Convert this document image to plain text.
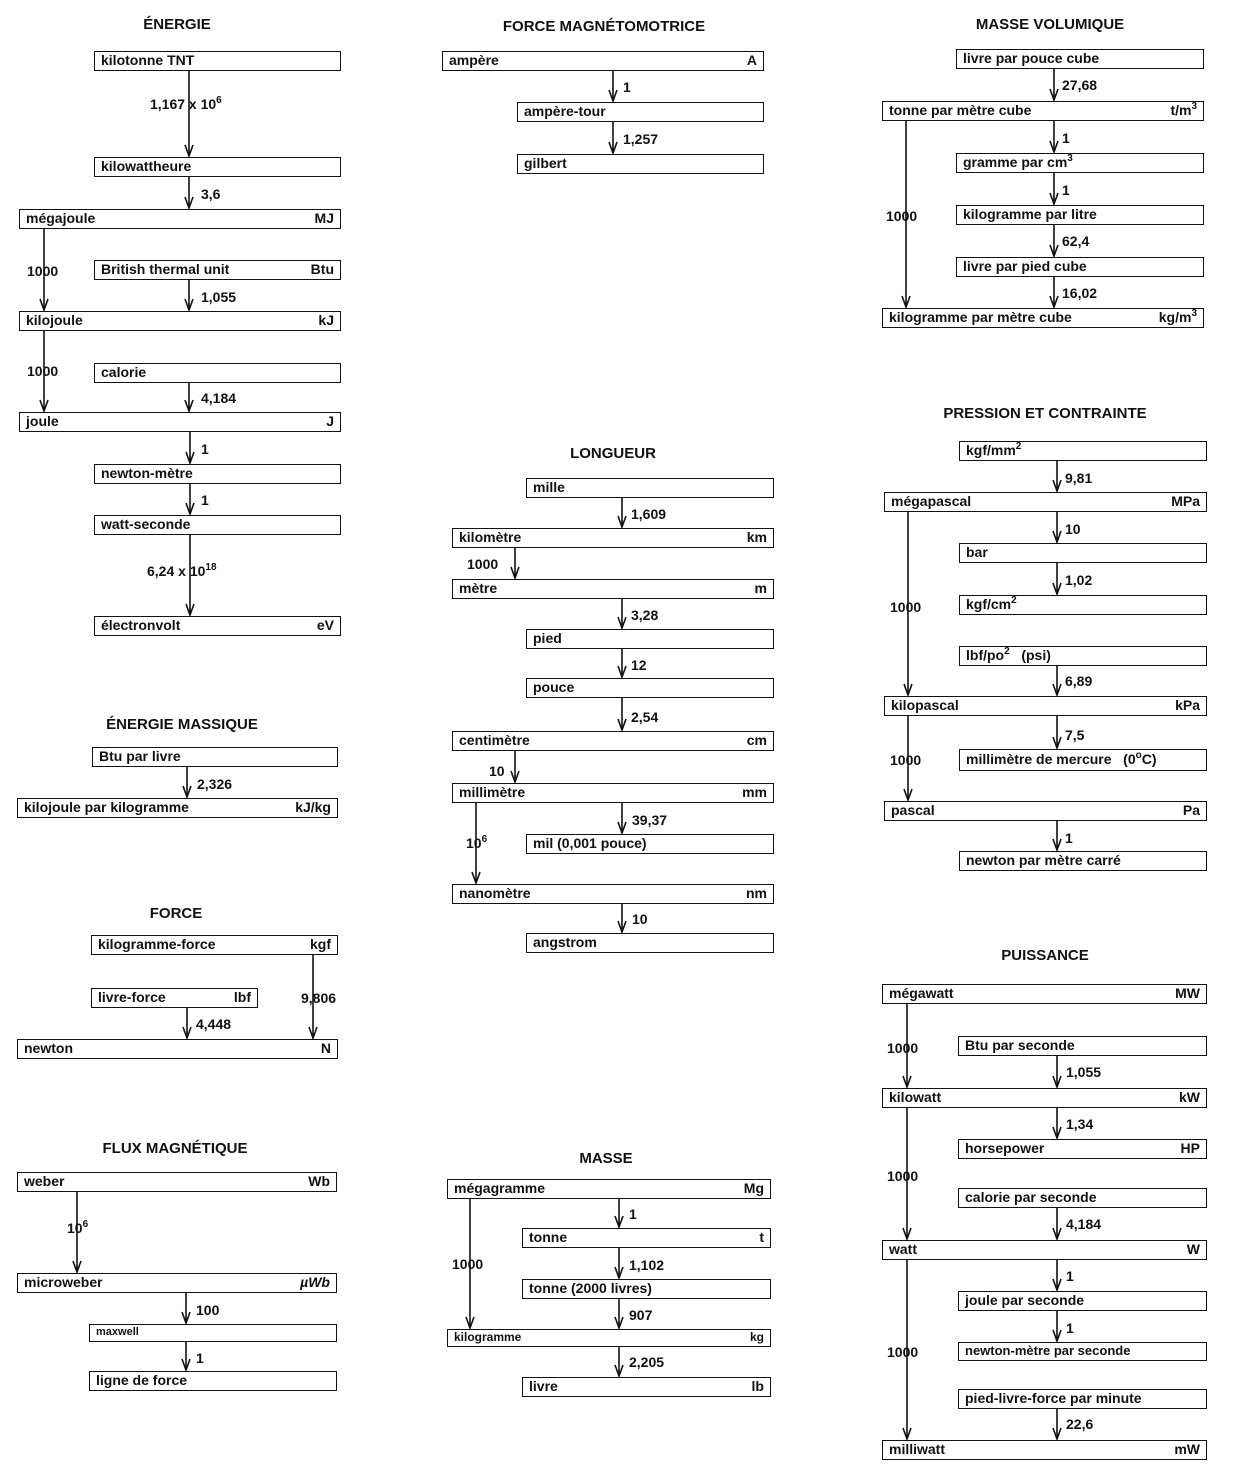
ÉNERGIE
kilotonne TNT
1,167 x $10^6$
kilowattheure
3,6
mégajoule	MJ
1000	British thermal unit	Btu
1,055
kilojoule	kJ
1000	calorie
4,184
joule	J
1
newton-mètre
1
watt-seconde
6,24 x $10^{18}$
électronvolt	eV
ÉNERGIE MASSIQUE
Btu par livre
2,326
kilojoule par kilogramme	kJ/kg
FORCE
kilogramme-force	kgf
livre-force	lbf
4,448
9,806
newton	N
FLUX MAGNÉTIQUE
weber	Wb
$10^6$
microweber	µWb
100
maxwell
1
ligne de force
FORCE MAGNÉTOMOTRICE
ampère	A
1
ampère-tour
1,257
gilbert
LONGUEUR
mille
1,609
kilomètre	km
1000
mètre	m
3,28
pied
12
pouce
2,54
centimètre	cm
10
millimètre	mm
39,37
mil (0,001 pouce)
$10^6$
nanomètre	nm
10
angstrom
MASSE
mégagramme	Mg
1
tonne	t
1,102
tonne (2000 livres)
907
1000
kilogramme	kg
2,205
livre	lb
MASSE VOLUMIQUE
livre par pouce cube
27,68
tonne par mètre cube	$t/m^3$
1
gramme par $cm^3$
1
kilogramme par litre
62,4
livre par pied cube
16,02
1000
kilogramme par mètre cube	$kg/m^3$
PRESSION ET CONTRAINTE
kgf/$mm^2$
9,81
mégapascal	MPa
10
bar
1,02
kgf/$cm^2$
1000
lbf/$po^2$   (psi)
6,89
kilopascal	kPa
7,5
millimètre de mercure   (0$^o$C)
1000
pascal	Pa
1
newton par mètre carré
PUISSANCE
mégawatt	MW
1000	Btu par seconde
1,055
kilowatt	kW
1,34
horsepower	HP
1000
calorie par seconde
4,184
watt	W
1
joule par seconde
1
newton-mètre par seconde
1000
pied-livre-force par minute
22,6
milliwatt	mW
